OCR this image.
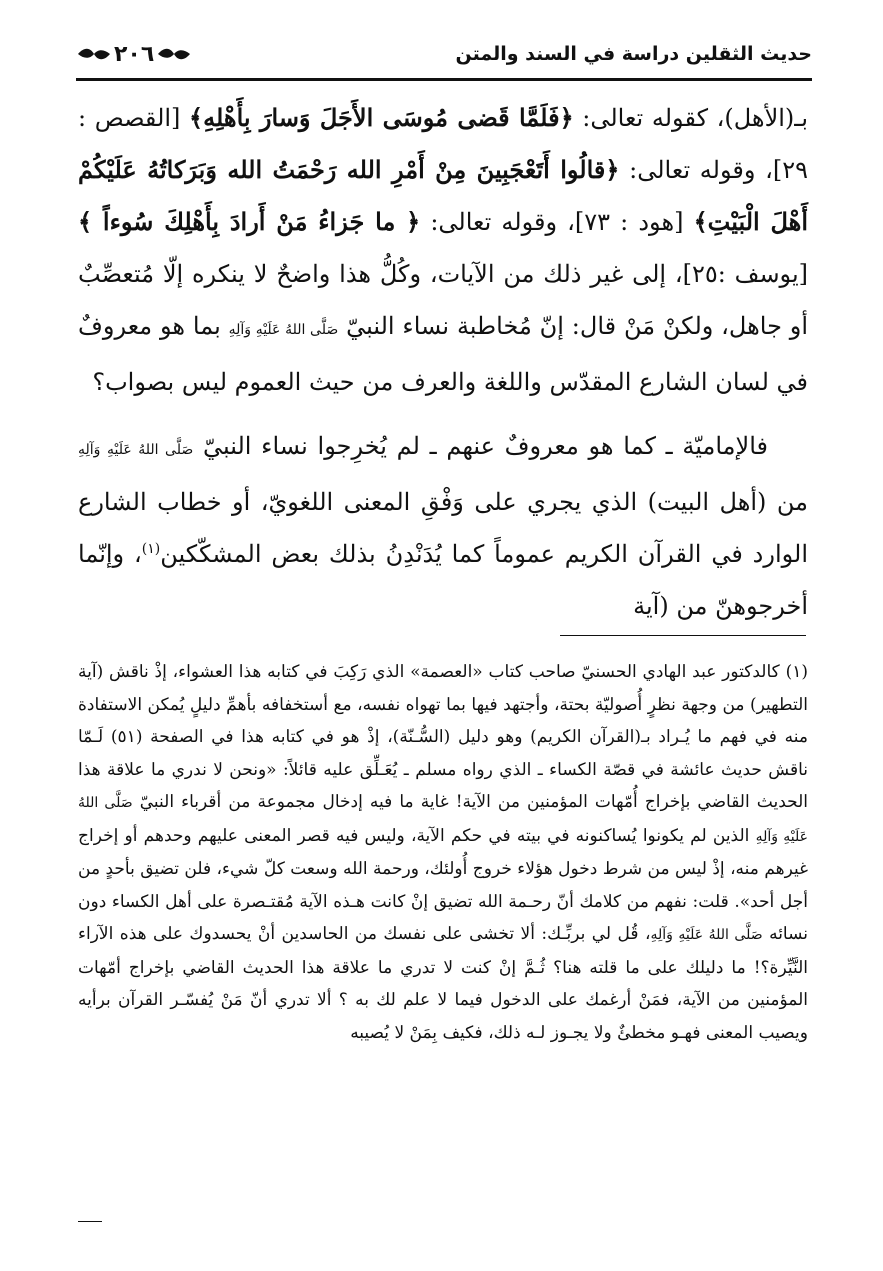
حديث الثقلين دراسة في السند والمتن
٢٠٦

بـ(الأهل)، كقوله تعالى: ﴿فَلَمَّا قَضى مُوسَى الأَجَلَ وَسارَ بِأَهْلِهِ﴾ [القصص : ٢٩]، وقوله تعالى: ﴿قالُوا أَتَعْجَبِينَ مِنْ أَمْرِ الله رَحْمَتُ الله وَبَرَكاتُهُ عَلَيْكُمْ أَهْلَ الْبَيْتِ﴾ [هود : ٧٣]، وقوله تعالى: ﴿ ما جَزاءُ مَنْ أَرادَ بِأَهْلِكَ سُوءاً ﴾ [يوسف :٢٥]، إلى غير ذلك من الآيات، وكُلُّ هذا واضحٌ لا ينكره إلّا مُتعصِّبٌ أو جاهل، ولكنْ مَنْ قال: إنّ مُخاطبة نساء النبيّ صَلَّى اللهُ عَلَيْهِ وَآلِهِ بما هو معروفٌ في لسان الشارع المقدّس واللغة والعرف من حيث العموم ليس بصواب؟

فالإماميّة ـ كما هو معروفٌ عنهم ـ لم يُخرِجوا نساء النبيّ صَلَّى اللهُ عَلَيْهِ وَآلِهِ من (أهل البيت) الذي يجري على وَفْقِ المعنى اللغويّ، أو خطاب الشارع الوارد في القرآن الكريم عموماً كما يُدَنْدِنُ بذلك بعض المشكّكين$^{(١)}$، وإنّما أخرجوهنّ من (آية

(١) كالدكتور عبد الهادي الحسنيّ صاحب كتاب «العصمة» الذي رَكِبَ في كتابه هذا العشواء، إذْ ناقش (آية التطهير) من وجهة نظرٍ أُصوليّة بحتة، وأجتهد فيها بما تهواه نفسه، مع أستخفافه بأهمِّ دليلٍ يُمكن الاستفادة منه في فهم ما يُـراد بـ(القرآن الكريم) وهو دليل (السُّـنّة)، إذْ هو في كتابه هذا في الصفحة (٥١) لَـمّا ناقش حديث عائشة في قصّة الكساء ـ الذي رواه مسلم ـ يُعَـلِّق عليه قائلاً: «ونحن لا ندري ما علاقة هذا الحديث القاضي بإخراج أُمّهات المؤمنين من الآية! غاية ما فيه إدخال مجموعة من أقرباء النبيّ صَلَّى اللهُ عَلَيْهِ وَآلِهِ الذين لم يكونوا يُساكنونه في بيته في حكم الآية، وليس فيه قصر المعنى عليهم وحدهم أو إخراج غيرهم منه، إذْ ليس من شرط دخول هؤلاء خروج أُولئك، ورحمة الله وسعت كلّ شيء، فلن تضيق بأحدٍ من أجل أحد». قلت: نفهم من كلامك أنّ رحـمة الله تضيق إنْ كانت هـذه الآية مُقتـصرة على أهل الكساء دون نسائه صَلَّى اللهُ عَلَيْهِ وَآلِهِ، قُل لي بربِّـك: ألا تخشى على نفسك من الحاسدين أنْ يحسدوك على هذه الآراء النَّيِّرة؟! ما دليلك على ما قلته هنا؟ ثُـمَّ إنْ كنت لا تدري ما علاقة هذا الحديث القاضي بإخراج أمّهات المؤمنين من الآية، فمَنْ أرغمك على الدخول فيما لا علم لك به ؟ ألا تدري أنّ مَنْ يُفسّـر القرآن برأيه ويصيب المعنى فهـو مخطئٌ ولا يجـوز لـه ذلك، فكيف بِمَنْ لا يُصيبه
